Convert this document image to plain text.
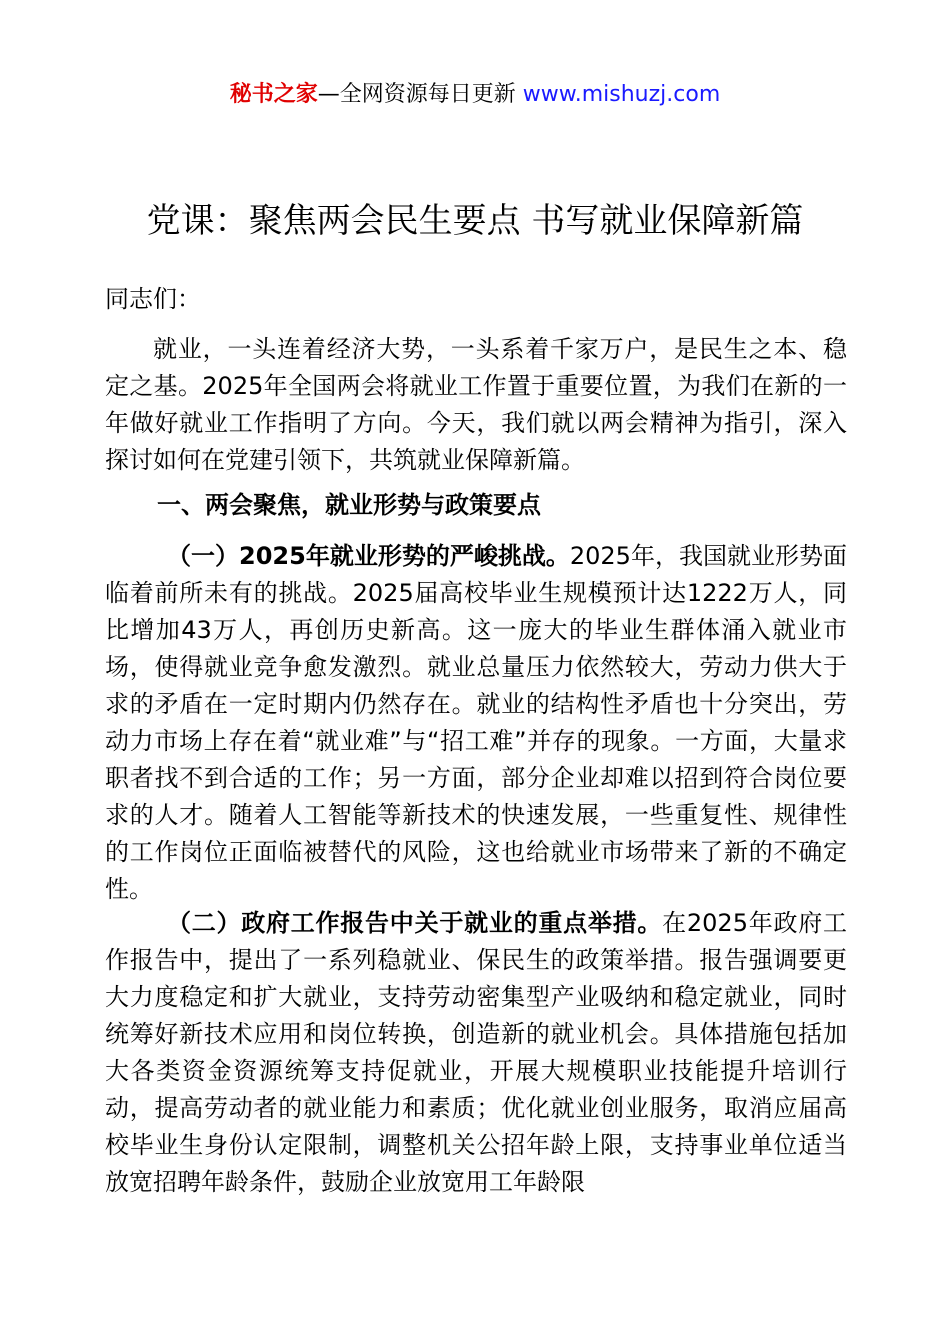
秘书之家—全网资源每日更新 www.mishuzj.com
党课：聚焦两会民生要点 书写就业保障新篇
同志们：
就业，一头连着经济大势，一头系着千家万户，是民生之本、稳定之基。2025年全国两会将就业工作置于重要位置，为我们在新的一年做好就业工作指明了方向。今天，我们就以两会精神为指引，深入探讨如何在党建引领下，共筑就业保障新篇。
一、两会聚焦，就业形势与政策要点
（一）2025年就业形势的严峻挑战。2025年，我国就业形势面临着前所未有的挑战。2025届高校毕业生规模预计达1222万人，同比增加43万人，再创历史新高。这一庞大的毕业生群体涌入就业市场，使得就业竞争愈发激烈。就业总量压力依然较大，劳动力供大于求的矛盾在一定时期内仍然存在。就业的结构性矛盾也十分突出，劳动力市场上存在着“就业难”与“招工难”并存的现象。一方面，大量求职者找不到合适的工作；另一方面，部分企业却难以招到符合岗位要求的人才。随着人工智能等新技术的快速发展，一些重复性、规律性的工作岗位正面临被替代的风险，这也给就业市场带来了新的不确定性。
（二）政府工作报告中关于就业的重点举措。在2025年政府工作报告中，提出了一系列稳就业、保民生的政策举措。报告强调要更大力度稳定和扩大就业，支持劳动密集型产业吸纳和稳定就业，同时统筹好新技术应用和岗位转换，创造新的就业机会。具体措施包括加大各类资金资源统筹支持促就业，开展大规模职业技能提升培训行动，提高劳动者的就业能力和素质；优化就业创业服务，取消应届高校毕业生身份认定限制，调整机关公招年龄上限，支持事业单位适当放宽招聘年龄条件，鼓励企业放宽用工年龄限
